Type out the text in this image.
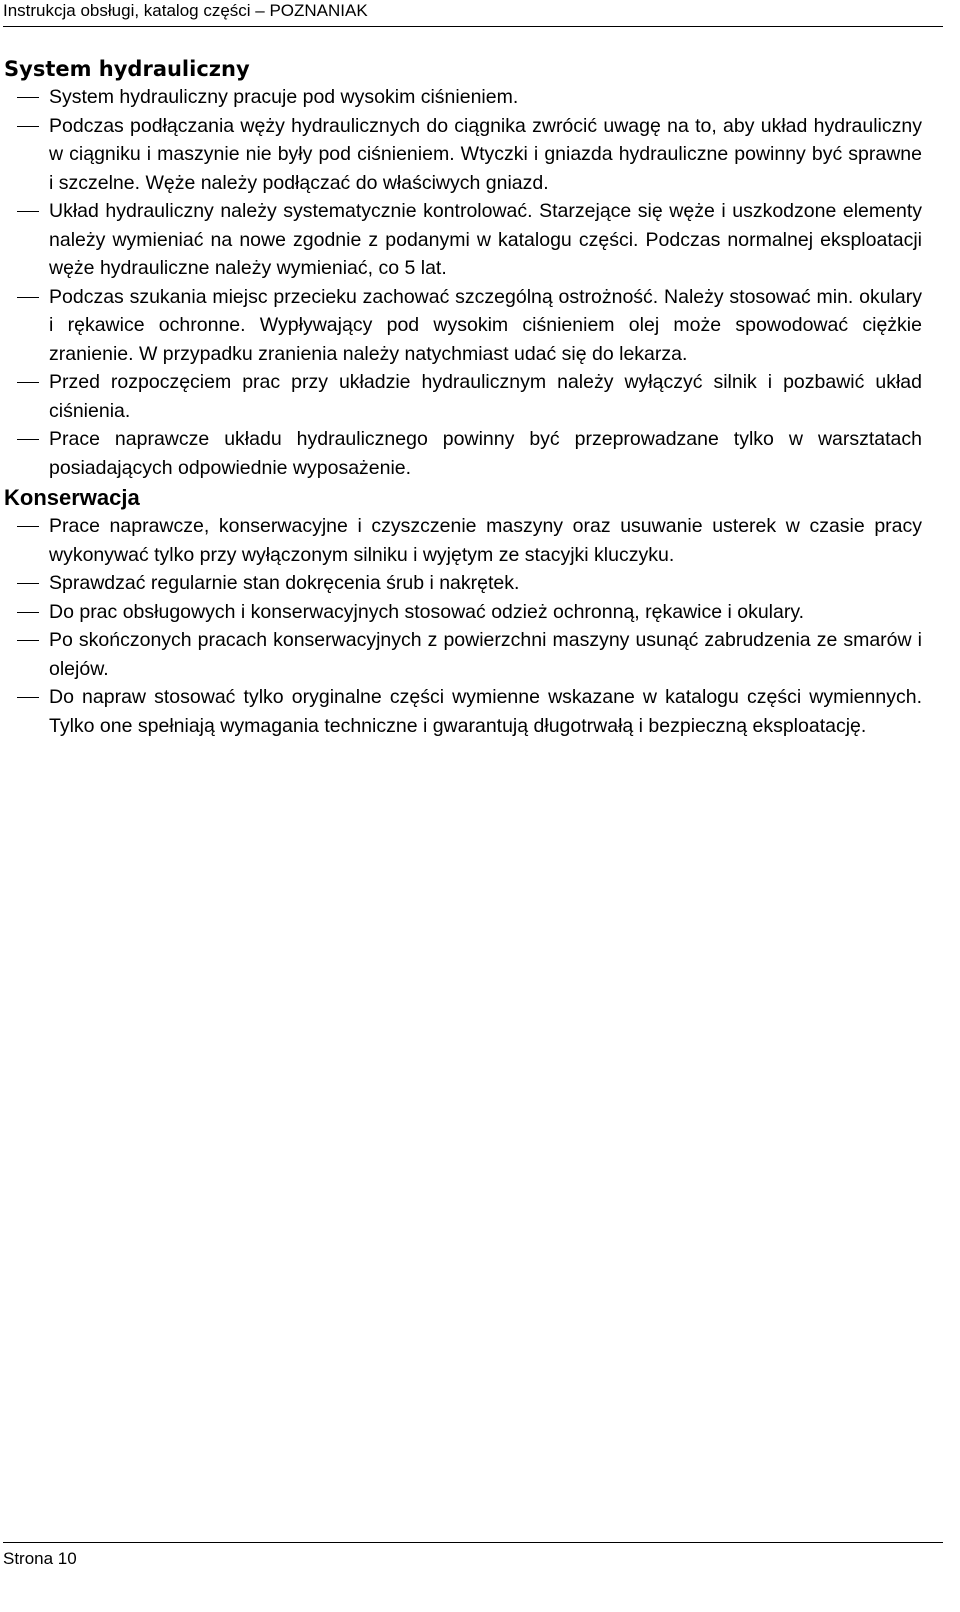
Instrukcja obsługi, katalog części – POZNANIAK
System hydrauliczny
System hydrauliczny pracuje pod wysokim ciśnieniem.
Podczas podłączania węży hydraulicznych do ciągnika zwrócić uwagę na to, aby układ hydrauliczny w ciągniku i maszynie nie były pod ciśnieniem. Wtyczki i gniazda hydrauliczne powinny być sprawne i szczelne. Węże należy podłączać do właściwych gniazd.
Układ hydrauliczny należy systematycznie kontrolować. Starzejące się węże i uszkodzone elementy należy wymieniać na nowe zgodnie z podanymi w katalogu części. Podczas normalnej eksploatacji węże hydrauliczne należy wymieniać, co 5 lat.
Podczas szukania miejsc przecieku zachować szczególną ostrożność. Należy stosować min. okulary i rękawice ochronne. Wypływający pod wysokim ciśnieniem olej może spowodować ciężkie zranienie. W przypadku zranienia należy natychmiast udać się do lekarza.
Przed rozpoczęciem prac przy układzie hydraulicznym należy wyłączyć silnik i pozbawić układ ciśnienia.
Prace naprawcze układu hydraulicznego powinny być przeprowadzane tylko w warsztatach posiadających odpowiednie wyposażenie.
Konserwacja
Prace naprawcze, konserwacyjne i czyszczenie maszyny oraz usuwanie usterek w czasie pracy wykonywać tylko przy wyłączonym silniku i wyjętym ze stacyjki kluczyku.
Sprawdzać regularnie stan dokręcenia śrub i nakrętek.
Do prac obsługowych i konserwacyjnych stosować odzież ochronną, rękawice i okulary.
Po skończonych pracach konserwacyjnych z powierzchni maszyny usunąć zabrudzenia ze smarów i olejów.
Do napraw stosować tylko oryginalne części wymienne wskazane w katalogu części wymiennych. Tylko one spełniają wymagania techniczne i gwarantują długotrwałą i bezpieczną eksploatację.
Strona 10
